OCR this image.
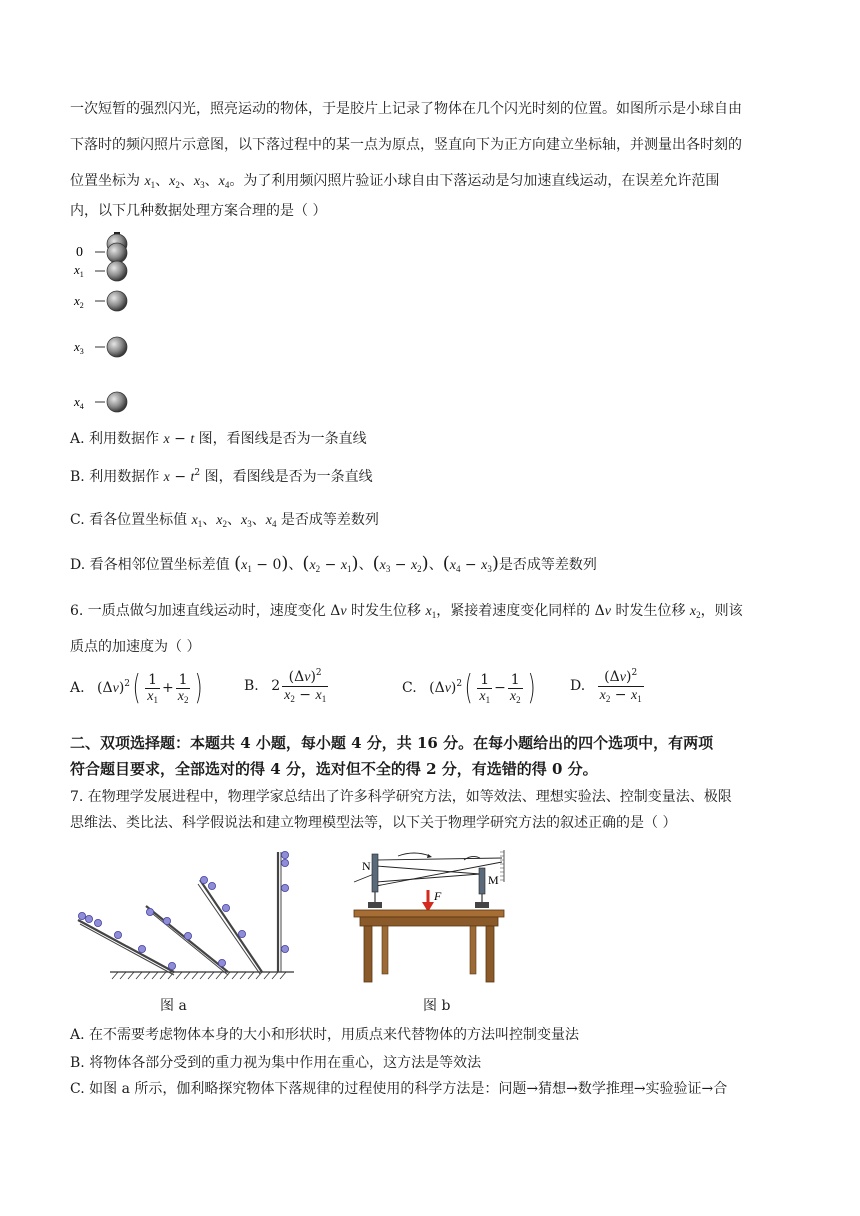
一次短暂的强烈闪光，照亮运动的物体，于是胶片上记录了物体在几个闪光时刻的位置。如图所示是小球自由
下落时的频闪照片示意图，以下落过程中的某一点为原点，竖直向下为正方向建立坐标轴，并测量出各时刻的
位置坐标为 $x_1$、$x_2$、$x_3$、$x_4$。为了利用频闪照片验证小球自由下落运动是匀加速直线运动，在误差允许范围
内，以下几种数据处理方案合理的是（ ）
0
$x_1$
$x_2$
$x_3$
$x_4$
A. 利用数据作 x − t 图，看图线是否为一条直线
B. 利用数据作 $x - t^2$ 图，看图线是否为一条直线
C. 看各位置坐标值 $x_1$、$x_2$、$x_3$、$x_4$ 是否成等差数列
D. 看各相邻位置坐标差值 $(x_1 - 0)$、$(x_2 - x_1)$、$(x_3 - x_2)$、$(x_4 - x_3)$是否成等差数列
6. 一质点做匀加速直线运动时，速度变化 Δv 时发生位移 $x_1$，紧接着速度变化同样的 Δv 时发生位移 $x_2$，则该
质点的加速度为（ ）
A. $(\Delta v)^2( \frac{1}{x_1} + \frac{1}{x_2}$ )	B. $2 \frac{(\Delta v)^2}{x_2 - x_1}$	C. $(\Delta v)^2( \frac{1}{x_1} - \frac{1}{x_2}$ ) D. $\frac{(\Delta v)^2}{x_2 - x_1}$
二、双项选择题：本题共 4 小题，每小题 4 分，共 16 分。在每小题给出的四个选项中，有两项
符合题目要求，全部选对的得 4 分，选对但不全的得 2 分，有选错的得 0 分。
7. 在物理学发展进程中，物理学家总结出了许多科学研究方法，如等效法、理想实验法、控制变量法、极限
思维法、类比法、科学假说法和建立物理模型法等，以下关于物理学研究方法的叙述正确的是（ ）
图 a
N
M
F
图 b
A. 在不需要考虑物体本身的大小和形状时，用质点来代替物体的方法叫控制变量法
B. 将物体各部分受到的重力视为集中作用在重心，这方法是等效法
C. 如图 a 所示，伽利略探究物体下落规律的过程使用的科学方法是：问题→猜想→数学推理→实验验证→合
